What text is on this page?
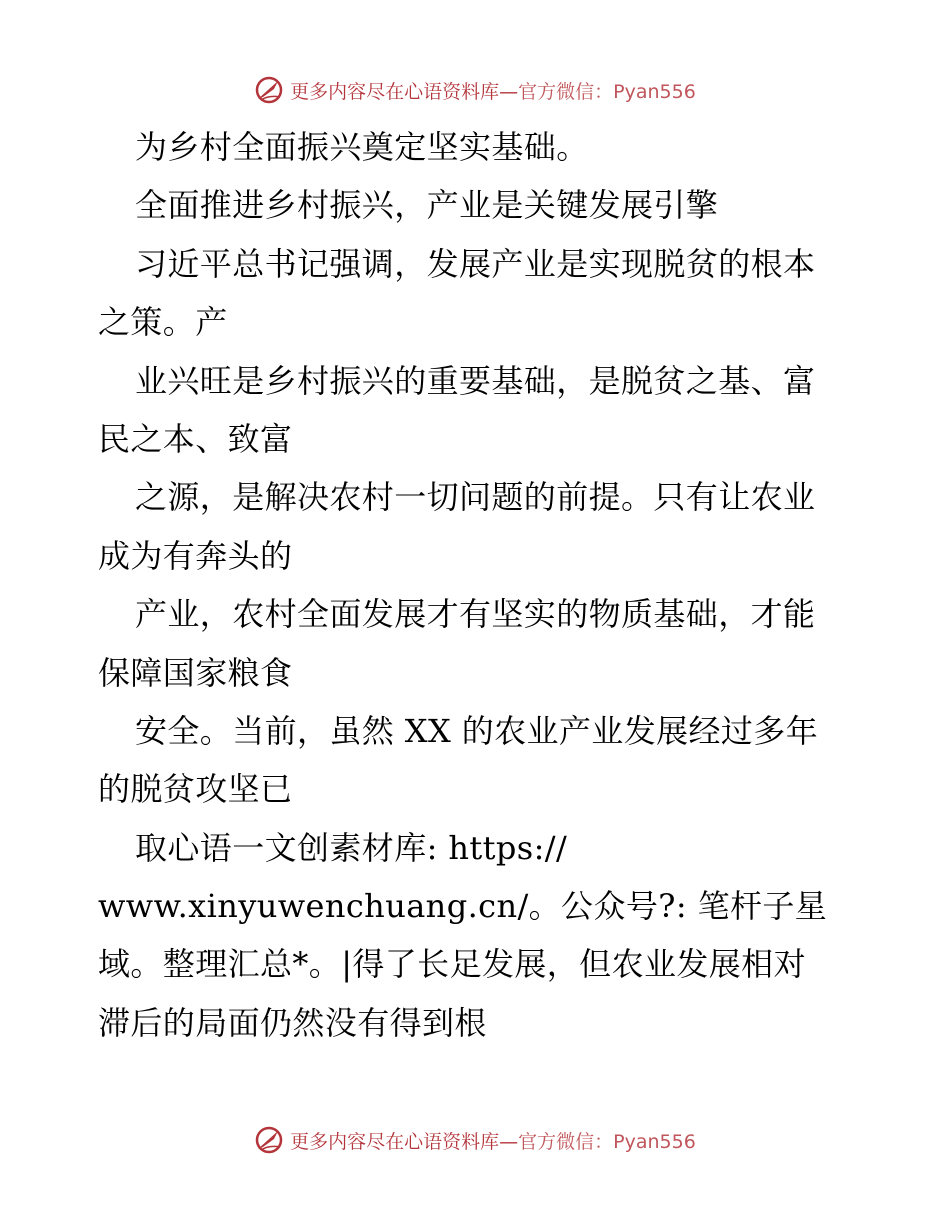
更多内容尽在心语资料库—官方微信：Pyan556
为乡村全面振兴奠定坚实基础。
全面推进乡村振兴，产业是关键发展引擎
习近平总书记强调，发展产业是实现脱贫的根本
之策。产
业兴旺是乡村振兴的重要基础，是脱贫之基、富
民之本、致富
之源，是解决农村一切问题的前提。只有让农业
成为有奔头的
产业，农村全面发展才有坚实的物质基础，才能
保障国家粮食
安全。当前，虽然 XX 的农业产业发展经过多年
的脱贫攻坚已
取心语一文创素材库: https://
www.xinyuwenchuang.cn/。公众号?: 笔杆子星
域。整理汇总*。|得了长足发展，但农业发展相对
滞后的局面仍然没有得到根
更多内容尽在心语资料库—官方微信：Pyan556
